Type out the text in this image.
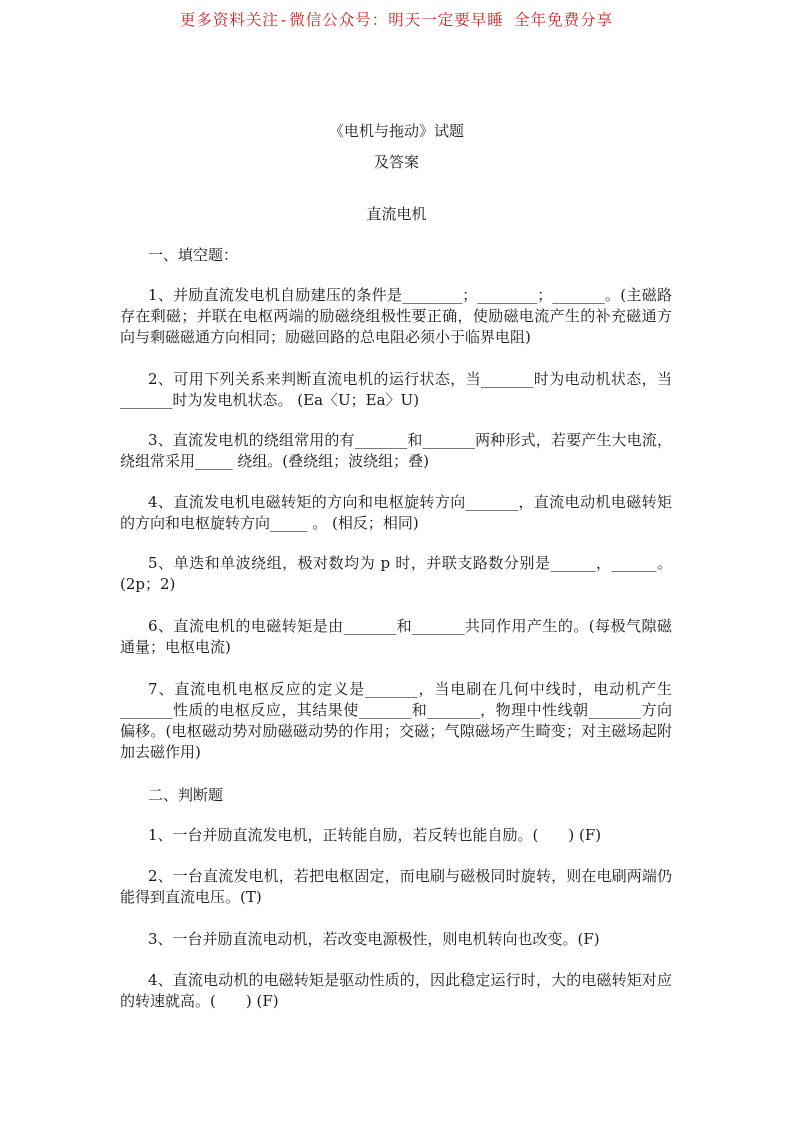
更多资料关注-微信公众号：明天一定要早睡 全年免费分享
《电机与拖动》试题
及答案
直流电机
一、填空题：
1、并励直流发电机自励建压的条件是________；________；_______。(主磁路存在剩磁；并联在电枢两端的励磁绕组极性要正确，使励磁电流产生的补充磁通方向与剩磁磁通方向相同；励磁回路的总电阻必须小于临界电阻)
2、可用下列关系来判断直流电机的运行状态，当_______时为电动机状态，当_______时为发电机状态。 (Ea〈U；Ea〉U)
3、直流发电机的绕组常用的有_______和_______两种形式，若要产生大电流，绕组常采用_____ 绕组。(叠绕组；波绕组；叠)
4、直流发电机电磁转矩的方向和电枢旋转方向_______，直流电动机电磁转矩的方向和电枢旋转方向_____ 。 (相反；相同)
5、单迭和单波绕组，极对数均为 p 时，并联支路数分别是______，______。(2p；2)
6、直流电机的电磁转矩是由_______和_______共同作用产生的。(每极气隙磁通量；电枢电流)
7、直流电机电枢反应的定义是_______，当电刷在几何中线时，电动机产生_______性质的电枢反应，其结果使_______和_______，物理中性线朝_______方向偏移。(电枢磁动势对励磁磁动势的作用；交磁；气隙磁场产生畸变；对主磁场起附加去磁作用)
二、判断题
1、一台并励直流发电机，正转能自励，若反转也能自励。(　　) (F)
2、一台直流发电机，若把电枢固定，而电刷与磁极同时旋转，则在电刷两端仍能得到直流电压。(T)
3、一台并励直流电动机，若改变电源极性，则电机转向也改变。(F)
4、直流电动机的电磁转矩是驱动性质的，因此稳定运行时，大的电磁转矩对应的转速就高。(　　) (F)
